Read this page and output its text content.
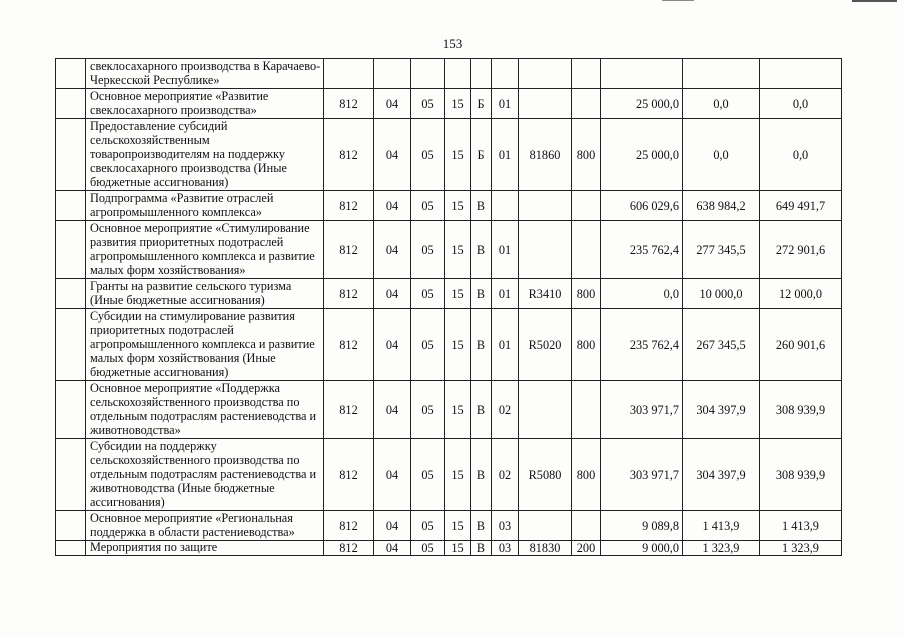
153
	свеклосахарного производства в Карачаево-Черкесской Республике»											
	Основное мероприятие «Развитие свеклосахарного производства»	812	04	05	15	Б	01			25 000,0	0,0	0,0
	Предоставление субсидий сельскохозяйственным товаропроизводителям на поддержку свеклосахарного производства (Иные бюджетные ассигнования)	812	04	05	15	Б	01	81860	800	25 000,0	0,0	0,0
	Подпрограмма «Развитие отраслей агропромышленного комплекса»	812	04	05	15	В				606 029,6	638 984,2	649 491,7
	Основное мероприятие «Стимулирование развития приоритетных подотраслей агропромышленного комплекса и развитие малых форм хозяйствования»	812	04	05	15	В	01			235 762,4	277 345,5	272 901,6
	Гранты на развитие сельского туризма (Иные бюджетные ассигнования)	812	04	05	15	В	01	R3410	800	0,0	10 000,0	12 000,0
	Субсидии на стимулирование развития приоритетных подотраслей агропромышленного комплекса и развитие малых форм хозяйствования (Иные бюджетные ассигнования)	812	04	05	15	В	01	R5020	800	235 762,4	267 345,5	260 901,6
	Основное мероприятие «Поддержка сельскохозяйственного производства по отдельным подотраслям растениеводства и животноводства»	812	04	05	15	В	02			303 971,7	304 397,9	308 939,9
	Субсидии на поддержку сельскохозяйственного производства по отдельным подотраслям растениеводства и животноводства (Иные бюджетные ассигнования)	812	04	05	15	В	02	R5080	800	303 971,7	304 397,9	308 939,9
	Основное мероприятие «Региональная поддержка в области растениеводства»	812	04	05	15	В	03			9 089,8	1 413,9	1 413,9
	Мероприятия по защите	812	04	05	15	В	03	81830	200	9 000,0	1 323,9	1 323,9
